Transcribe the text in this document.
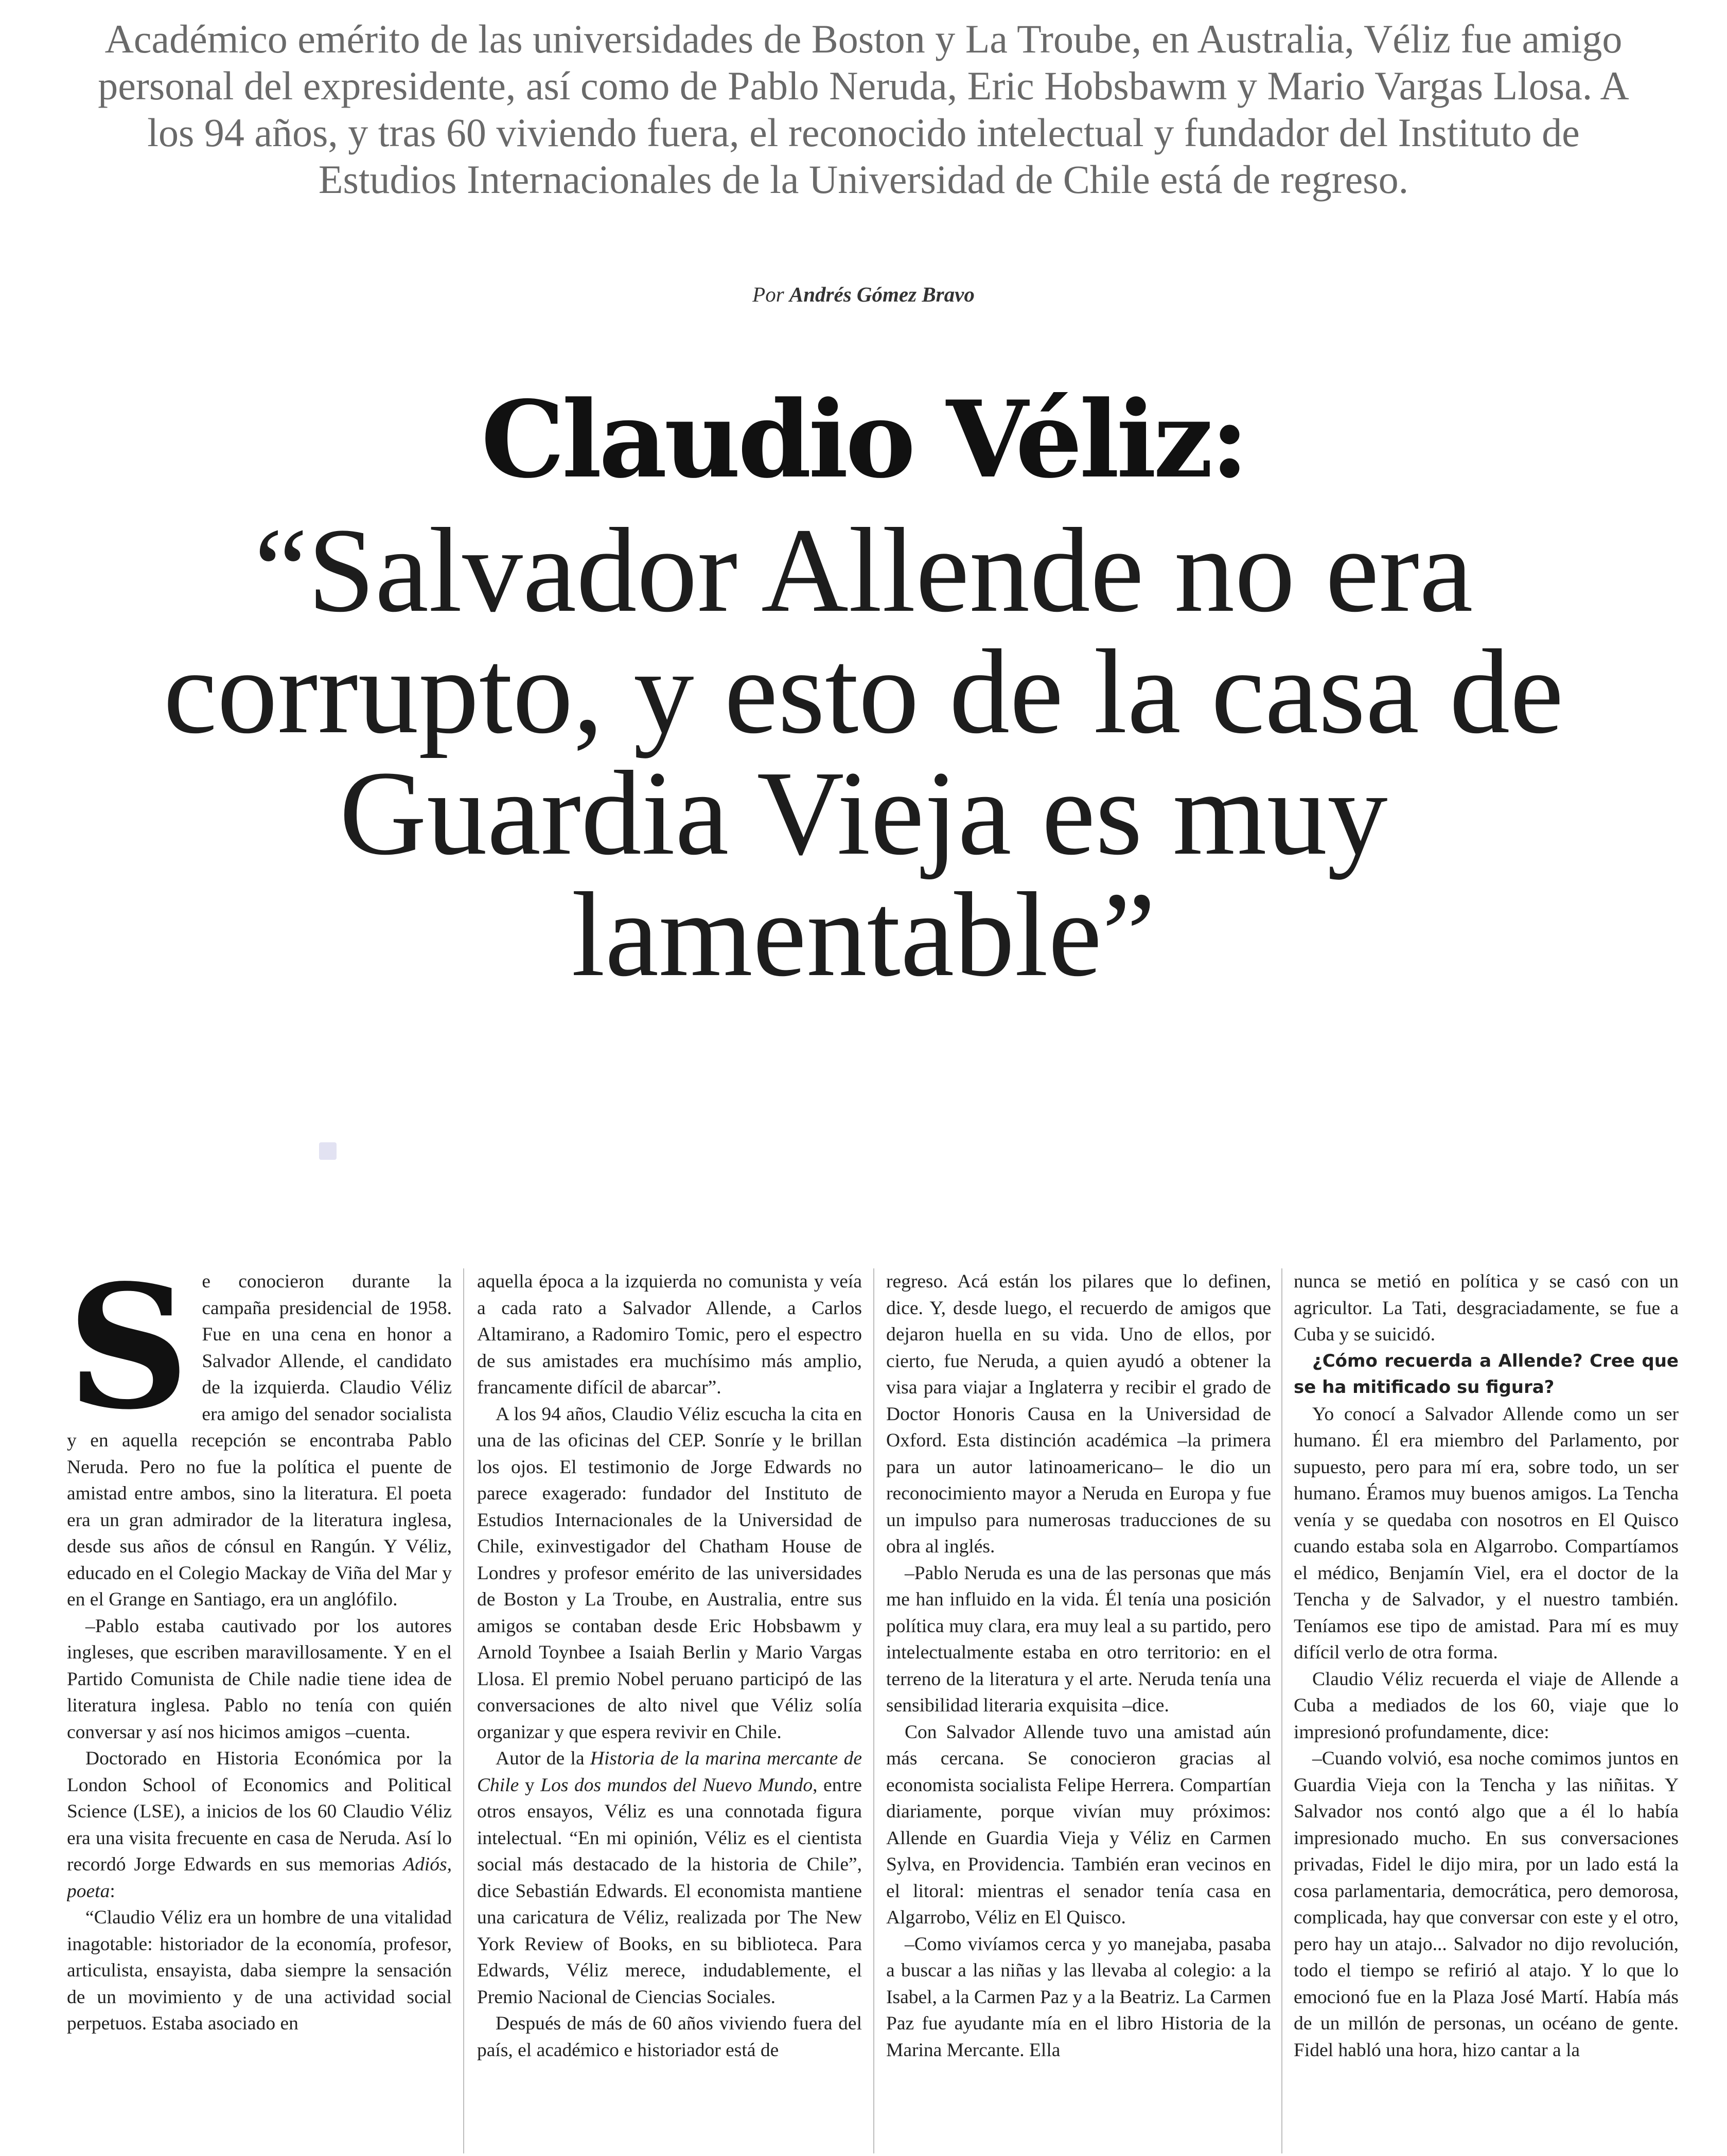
Académico emérito de las universidades de Boston y La Troube, en Australia, Véliz fue amigo personal del expresidente, así como de Pablo Neruda, Eric Hobsbawm y Mario Vargas Llosa. A los 94 años, y tras 60 viviendo fuera, el reconocido intelectual y fundador del Instituto de Estudios Internacionales de la Universidad de Chile está de regreso.
Por Andrés Gómez Bravo
Claudio Véliz:
“Salvador Allende no era corrupto, y esto de la casa de Guardia Vieja es muy lamentable”

Se conocieron durante la campaña presidencial de 1958. Fue en una cena en honor a Salvador Allende, el candidato de la izquierda. Claudio Véliz era amigo del senador socialista y en aquella recepción se encontraba Pablo Neruda. Pero no fue la política el puente de amistad entre ambos, sino la literatura. El poeta era un gran admirador de la literatura inglesa, desde sus años de cónsul en Rangún. Y Véliz, educado en el Colegio Mackay de Viña del Mar y en el Grange en Santiago, era un anglófilo.

–Pablo estaba cautivado por los autores ingleses, que escriben maravillosamente. Y en el Partido Comunista de Chile nadie tiene idea de literatura inglesa. Pablo no tenía con quién conversar y así nos hicimos amigos –cuenta.

Doctorado en Historia Económica por la London School of Economics and Political Science (LSE), a inicios de los 60 Claudio Véliz era una visita frecuente en casa de Neruda. Así lo recordó Jorge Edwards en sus memorias Adiós, poeta:

“Claudio Véliz era un hombre de una vitalidad inagotable: historiador de la economía, profesor, articulista, ensayista, daba siempre la sensación de un movimiento y de una actividad social perpetuos. Estaba asociado en

aquella época a la izquierda no comunista y veía a cada rato a Salvador Allende, a Carlos Altamirano, a Radomiro Tomic, pero el espectro de sus amistades era muchísimo más amplio, francamente difícil de abarcar”.

A los 94 años, Claudio Véliz escucha la cita en una de las oficinas del CEP. Sonríe y le brillan los ojos. El testimonio de Jorge Edwards no parece exagerado: fundador del Instituto de Estudios Internacionales de la Universidad de Chile, exinvestigador del Chatham House de Londres y profesor emérito de las universidades de Boston y La Troube, en Australia, entre sus amigos se contaban desde Eric Hobsbawm y Arnold Toynbee a Isaiah Berlin y Mario Vargas Llosa. El premio Nobel peruano participó de las conversaciones de alto nivel que Véliz solía organizar y que espera revivir en Chile.

Autor de la Historia de la marina mercante de Chile y Los dos mundos del Nuevo Mundo, entre otros ensayos, Véliz es una connotada figura intelectual. “En mi opinión, Véliz es el cientista social más destacado de la historia de Chile”, dice Sebastián Edwards. El economista mantiene una caricatura de Véliz, realizada por The New York Review of Books, en su biblioteca. Para Edwards, Véliz merece, indudablemente, el Premio Nacional de Ciencias Sociales.

Después de más de 60 años viviendo fuera del país, el académico e historiador está de

regreso. Acá están los pilares que lo definen, dice. Y, desde luego, el recuerdo de amigos que dejaron huella en su vida. Uno de ellos, por cierto, fue Neruda, a quien ayudó a obtener la visa para viajar a Inglaterra y recibir el grado de Doctor Honoris Causa en la Universidad de Oxford. Esta distinción académica –la primera para un autor latinoamericano– le dio un reconocimiento mayor a Neruda en Europa y fue un impulso para numerosas traducciones de su obra al inglés.

–Pablo Neruda es una de las personas que más me han influido en la vida. Él tenía una posición política muy clara, era muy leal a su partido, pero intelectualmente estaba en otro territorio: en el terreno de la literatura y el arte. Neruda tenía una sensibilidad literaria exquisita –dice.

Con Salvador Allende tuvo una amistad aún más cercana. Se conocieron gracias al economista socialista Felipe Herrera. Compartían diariamente, porque vivían muy próximos: Allende en Guardia Vieja y Véliz en Carmen Sylva, en Providencia. También eran vecinos en el litoral: mientras el senador tenía casa en Algarrobo, Véliz en El Quisco.

–Como vivíamos cerca y yo manejaba, pasaba a buscar a las niñas y las llevaba al colegio: a la Isabel, a la Carmen Paz y a la Beatriz. La Carmen Paz fue ayudante mía en el libro Historia de la Marina Mercante. Ella

nunca se metió en política y se casó con un agricultor. La Tati, desgraciadamente, se fue a Cuba y se suicidó.

¿Cómo recuerda a Allende? Cree que se ha mitificado su figura?

Yo conocí a Salvador Allende como un ser humano. Él era miembro del Parlamento, por supuesto, pero para mí era, sobre todo, un ser humano. Éramos muy buenos amigos. La Tencha venía y se quedaba con nosotros en El Quisco cuando estaba sola en Algarrobo. Compartíamos el médico, Benjamín Viel, era el doctor de la Tencha y de Salvador, y el nuestro también. Teníamos ese tipo de amistad. Para mí es muy difícil verlo de otra forma.

Claudio Véliz recuerda el viaje de Allende a Cuba a mediados de los 60, viaje que lo impresionó profundamente, dice:

–Cuando volvió, esa noche comimos juntos en Guardia Vieja con la Tencha y las niñitas. Y Salvador nos contó algo que a él lo había impresionado mucho. En sus conversaciones privadas, Fidel le dijo mira, por un lado está la cosa parlamentaria, democrática, pero demorosa, complicada, hay que conversar con este y el otro, pero hay un atajo... Salvador no dijo revolución, todo el tiempo se refirió al atajo. Y lo que lo emocionó fue en la Plaza José Martí. Había más de un millón de personas, un océano de gente. Fidel habló una hora, hizo cantar a la
